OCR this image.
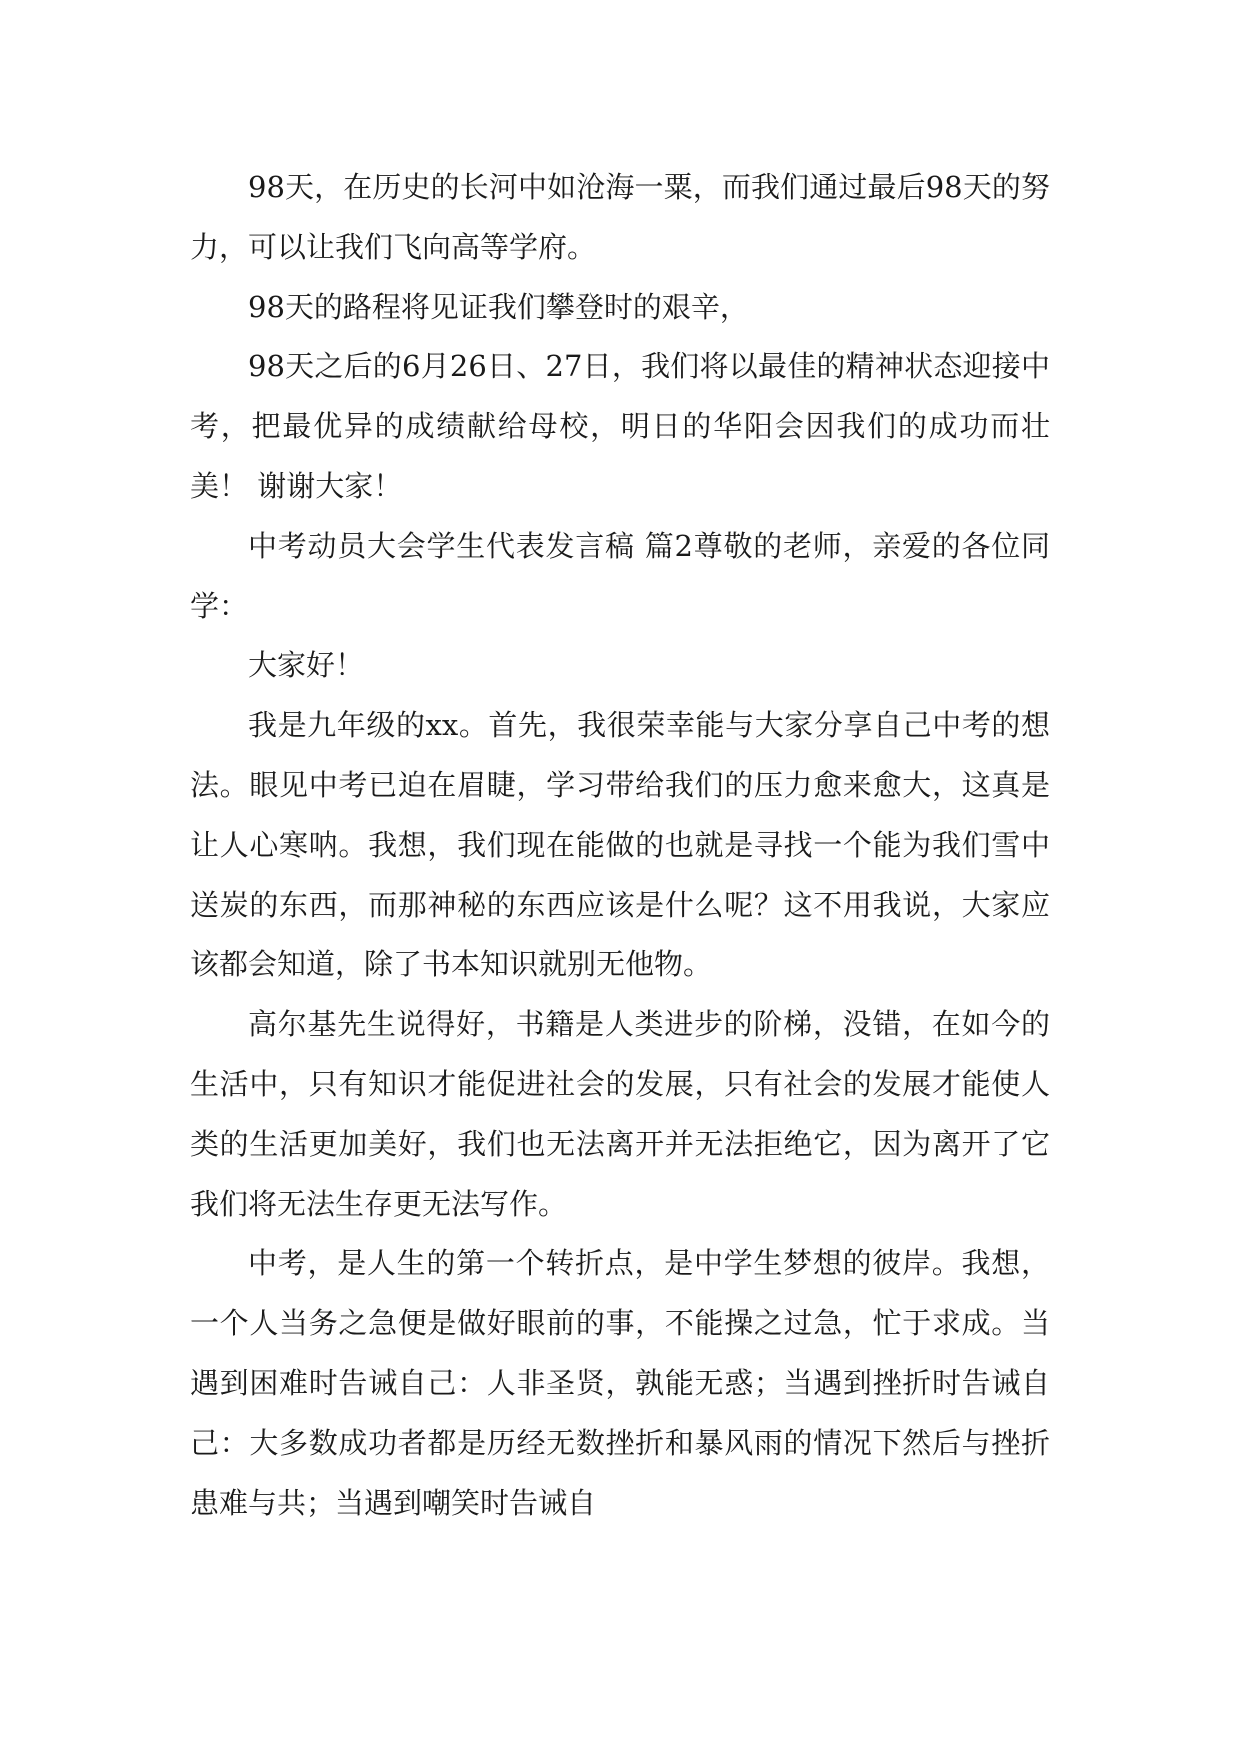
98天，在历史的长河中如沧海一粟，而我们通过最后98天的努力，可以让我们飞向高等学府。

98天的路程将见证我们攀登时的艰辛，

98天之后的6月26日、27日，我们将以最佳的精神状态迎接中考，把最优异的成绩献给母校，明日的华阳会因我们的成功而壮美！ 谢谢大家！

中考动员大会学生代表发言稿 篇2尊敬的老师，亲爱的各位同学：

大家好！

我是九年级的xx。首先，我很荣幸能与大家分享自己中考的想法。眼见中考已迫在眉睫，学习带给我们的压力愈来愈大，这真是让人心寒呐。我想，我们现在能做的也就是寻找一个能为我们雪中送炭的东西，而那神秘的东西应该是什么呢？这不用我说，大家应该都会知道，除了书本知识就别无他物。

高尔基先生说得好，书籍是人类进步的阶梯，没错，在如今的生活中，只有知识才能促进社会的发展，只有社会的发展才能使人类的生活更加美好，我们也无法离开并无法拒绝它，因为离开了它我们将无法生存更无法写作。

中考，是人生的第一个转折点，是中学生梦想的彼岸。我想，一个人当务之急便是做好眼前的事，不能操之过急，忙于求成。当遇到困难时告诫自己：人非圣贤，孰能无惑；当遇到挫折时告诫自己：大多数成功者都是历经无数挫折和暴风雨的情况下然后与挫折患难与共；当遇到嘲笑时告诫自
